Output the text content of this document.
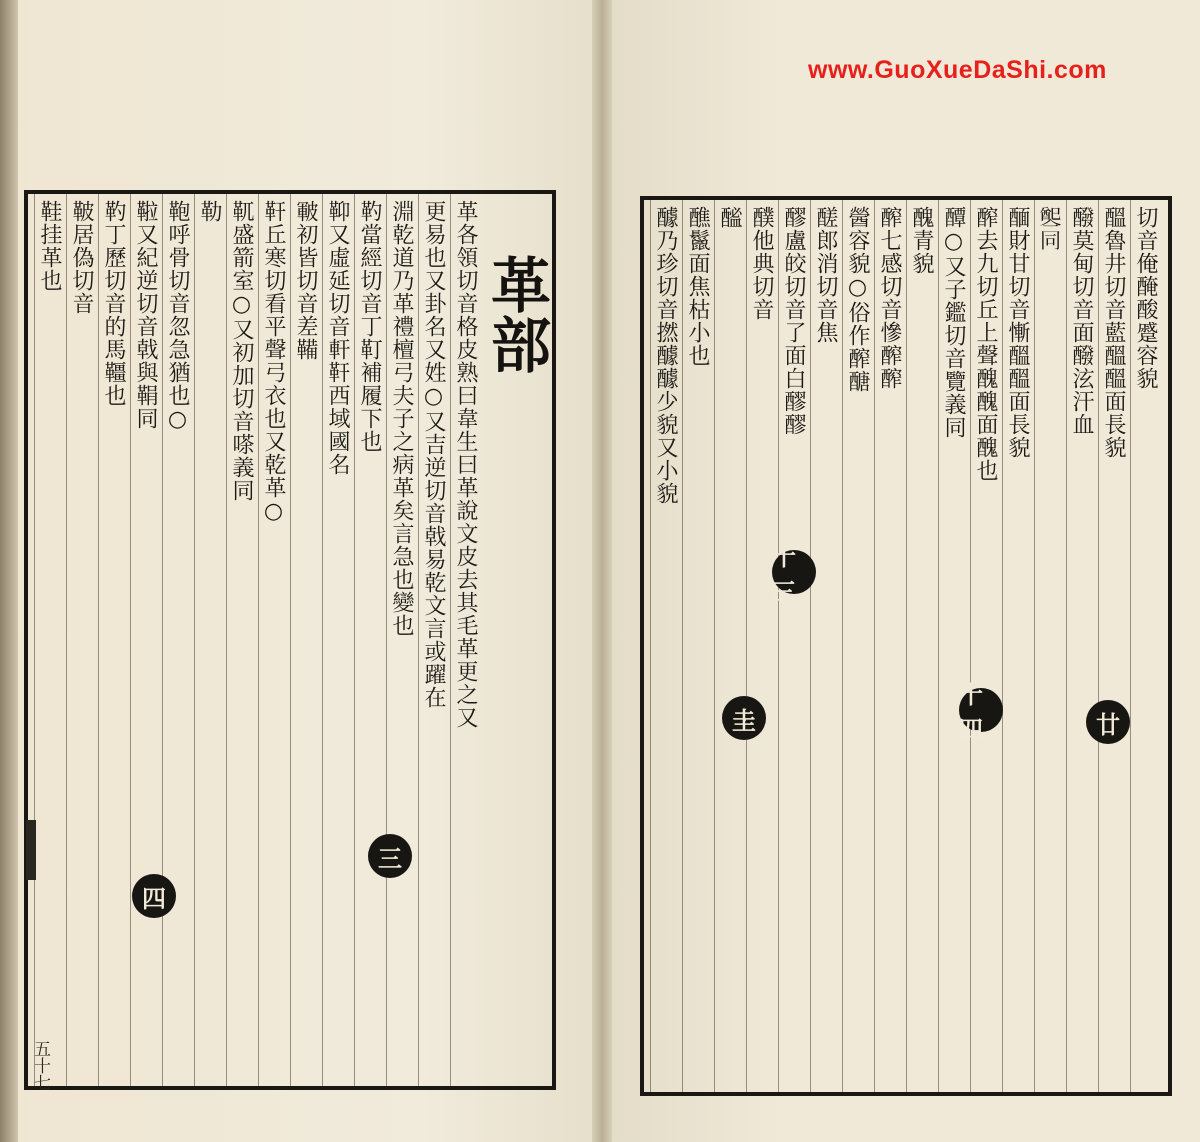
www.GuoXueDaShi.com
革部
革各領切音格皮熟曰韋生曰革說文皮去其毛革更之又
更易也又卦名又姓○又吉逆切音戟易乾文言或躍在
淵乾道乃革禮檀弓夫子之病革矣言急也變也
靮當經切音丁靪補履下也
䩕又虛延切音軒靬西域國名
皸初皆切音差鞴
靬丘寒切看平聲弓衣也又乾革○
靰盛箭室○又初加切音嗏義同
勒
鞄呼骨切音忽急猶也○
鞡又紀逆切音戟與鞙同
靮丁歷切音的馬韁也
鞁居偽切音
鞋挂革也
三
四
切音俺醃酸蹙容貌
醞魯井切音藍醞醞面長貌
醱莫甸切音面醱泫汗血
𨡡同
䤄財甘切音慚醞醞面長貌
醡去九切丘上聲醜醜面醜也
醰○又子鑑切音覽義同
醜青貌
醡七感切音慘醡醡
醟容貌○俗作醡醣
醝郎消切音焦
醪盧皎切音了面白醪醪
醭他典切音
䤉
醮鬣面焦枯小也
醵乃珍切音撚醵醵少貌又小貌
廿
十四
十三
圭
五十七
